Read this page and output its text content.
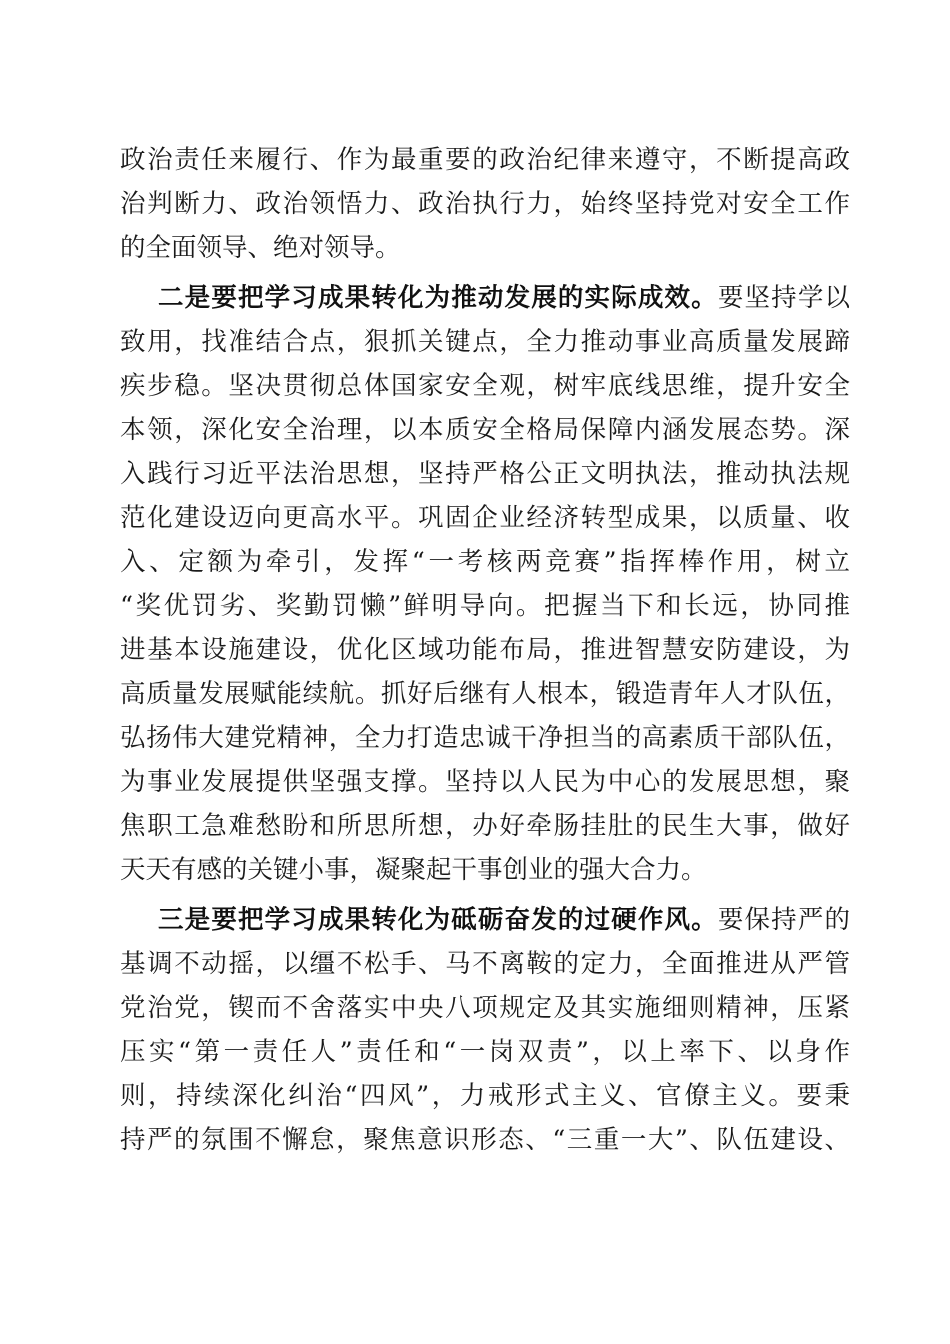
政治责任来履行、作为最重要的政治纪律来遵守，不断提高政
治判断力、政治领悟力、政治执行力，始终坚持党对安全工作
的全面领导、绝对领导。
二是要把学习成果转化为推动发展的实际成效。要坚持学以
致用，找准结合点，狠抓关键点，全力推动事业高质量发展蹄
疾步稳。坚决贯彻总体国家安全观，树牢底线思维，提升安全
本领，深化安全治理，以本质安全格局保障内涵发展态势。深
入践行习近平法治思想，坚持严格公正文明执法，推动执法规
范化建设迈向更高水平。巩固企业经济转型成果，以质量、收
入、定额为牵引，发挥“一考核两竞赛”指挥棒作用，树立
“奖优罚劣、奖勤罚懒”鲜明导向。把握当下和长远，协同推
进基本设施建设，优化区域功能布局，推进智慧安防建设，为
高质量发展赋能续航。抓好后继有人根本，锻造青年人才队伍，
弘扬伟大建党精神，全力打造忠诚干净担当的高素质干部队伍，
为事业发展提供坚强支撑。坚持以人民为中心的发展思想，聚
焦职工急难愁盼和所思所想，办好牵肠挂肚的民生大事，做好
天天有感的关键小事，凝聚起干事创业的强大合力。
三是要把学习成果转化为砥砺奋发的过硬作风。要保持严的
基调不动摇，以缰不松手、马不离鞍的定力，全面推进从严管
党治党，锲而不舍落实中央八项规定及其实施细则精神，压紧
压实“第一责任人”责任和“一岗双责”，以上率下、以身作
则，持续深化纠治“四风”，力戒形式主义、官僚主义。要秉
持严的氛围不懈怠，聚焦意识形态、“三重一大”、队伍建设、
